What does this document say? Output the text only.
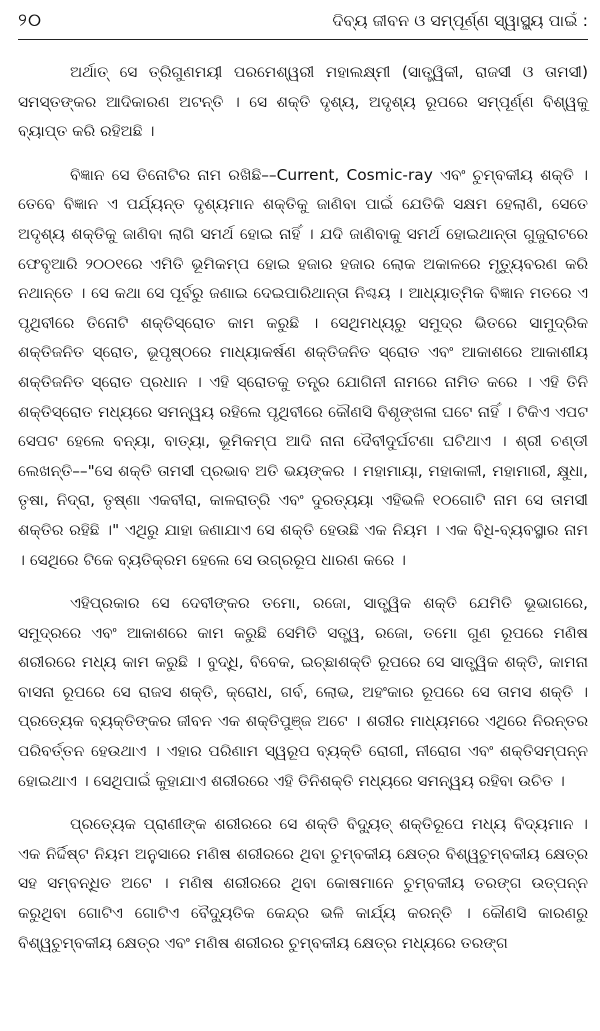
୨୦	ଦିବ୍ୟ ଜୀବନ ଓ ସମ୍ପୂର୍ଣ୍ଣ ସ୍ୱାସ୍ଥ୍ୟ ପାଇଁ :

ଅର୍ଥାତ୍ ସେ ତ୍ରିଗୁଣମୟୀ ପରମେଶ୍ୱରୀ ମହାଲକ୍ଷ୍ମୀ (ସାତ୍ତ୍ୱିକୀ, ରାଜସୀ ଓ ତାମସୀ) ସମସ୍ତଙ୍କର ଆଦିକାରଣ ଅଟନ୍ତି । ସେ ଶକ୍ତି ଦୃଶ୍ୟ, ଅଦୃଶ୍ୟ ରୂପରେ ସମ୍ପୂର୍ଣ୍ଣ ବିଶ୍ୱକୁ ବ୍ୟାପ୍ତ କରି ରହିଅଛି ।

ବିଜ୍ଞାନ ସେ ତିନୋଟିର ନାମ ରଖିଛି––Current, Cosmic-ray ଏବଂ ଚୁମ୍ବକୀୟ ଶକ୍ତି । ତେବେ ବିଜ୍ଞାନ ଏ ପର୍ଯ୍ୟନ୍ତ ଦୃଶ୍ୟମାନ ଶକ୍ତିକୁ ଜାଣିବା ପାଇଁ ଯେତିକି ସକ୍ଷମ ହେଲାଣି, ସେତେ ଅଦୃଶ୍ୟ ଶକ୍ତିକୁ ଜାଣିବା ଲାଗି ସମର୍ଥ ହୋଇ ନାହିଁ । ଯଦି ଜାଣିବାକୁ ସମର୍ଥ ହୋଇଥାନ୍ତା ଗୁଜୁରାଟରେ ଫେବୃଆରି ୨୦୦୧ରେ ଏମିତି ଭୂମିକମ୍ପ ହୋଇ ହଜାର ହଜାର ଲୋକ ଅକାଳରେ ମୃତ୍ୟୁବରଣ କରି ନଥାନ୍ତେ । ସେ କଥା ସେ ପୂର୍ବରୁ ଜଣାଇ ଦେଇପାରିଥାନ୍ତା ନିଶ୍ଚୟ । ଆଧ୍ୟାତ୍ମିକ ବିଜ୍ଞାନ ମତରେ ଏ ପୃଥିବୀରେ ତିନୋଟି ଶକ୍ତିସ୍ରୋତ କାମ କରୁଛି । ସେଥିମଧ୍ୟରୁ ସମୁଦ୍ର ଭିତରେ ସାମୁଦ୍ରିକ ଶକ୍ତିଜନିତ ସ୍ରୋତ, ଭୂପୃଷ୍ଠରେ ମାଧ୍ୟାକର୍ଷଣ ଶକ୍ତିଜନିତ ସ୍ରୋତ ଏବଂ ଆକାଶରେ ଆକାଶୀୟ ଶକ୍ତିଜନିତ ସ୍ରୋତ ପ୍ରଧାନ । ଏହି ସ୍ରୋତକୁ ତନ୍ତ୍ର ଯୋଗିନୀ ନାମରେ ନାମିତ କରେ । ଏହି ତିନି ଶକ୍ତିସ୍ରୋତ ମଧ୍ୟରେ ସମନ୍ୱୟ ରହିଲେ ପୃଥିବୀରେ କୌଣସି ବିଶୃଙ୍ଖଳା ଘଟେ ନାହିଁ । ଟିକିଏ ଏପଟ ସେପଟ ହେଲେ ବନ୍ୟା, ବାତ୍ୟା, ଭୂମିକମ୍ପ ଆଦି ନାନା ଦୈବୀଦୁର୍ଘଟଣା ଘଟିଥାଏ । ଶ୍ରୀ ଚଣ୍ଡୀ ଲେଖନ୍ତି––"ସେ ଶକ୍ତି ତାମସୀ ପ୍ରଭାବ ଅତି ଭୟଙ୍କର । ମହାମାୟା, ମହାକାଳୀ, ମହାମାରୀ, କ୍ଷୁଧା, ତୃଷା, ନିଦ୍ରା, ତୃଷ୍ଣା ଏକବୀରା, କାଳରାତ୍ରି ଏବଂ ଦୁରତ୍ୟୟା ଏହିଭଳି ୧୦ଗୋଟି ନାମ ସେ ତାମସୀ ଶକ୍ତିର ରହିଛି ।" ଏଥିରୁ ଯାହା ଜଣାଯାଏ ସେ ଶକ୍ତି ହେଉଛି ଏକ ନିୟମ । ଏକ ବିଧି-ବ୍ୟବସ୍ଥାର ନାମ । ସେଥିରେ ଟିକେ ବ୍ୟତିକ୍ରମ ହେଲେ ସେ ଉଗ୍ରରୂପ ଧାରଣ କରେ ।

ଏହିପ୍ରକାର ସେ ଦେବୀଙ୍କର ତମୋ, ରଜୋ, ସାତ୍ତ୍ୱିକ ଶକ୍ତି ଯେମିତି ଭୂଭାଗରେ, ସମୁଦ୍ରରେ ଏବଂ ଆକାଶରେ କାମ କରୁଛି ସେମିତି ସତ୍ତ୍ୱ, ରଜୋ, ତମୋ ଗୁଣ ରୂପରେ ମଣିଷ ଶରୀରରେ ମଧ୍ୟ କାମ କରୁଛି । ବୁଦ୍ଧି, ବିବେକ, ଇଚ୍ଛାଶକ୍ତି ରୂପରେ ସେ ସାତ୍ତ୍ୱିକ ଶକ୍ତି, କାମନା ବାସନା ରୂପରେ ସେ ରାଜସ ଶକ୍ତି, କ୍ରୋଧ, ଗର୍ବ, ଲୋଭ, ଅହଂକାର ରୂପରେ ସେ ତାମସ ଶକ୍ତି । ପ୍ରତ୍ୟେକ ବ୍ୟକ୍ତିଙ୍କର ଜୀବନ ଏକ ଶକ୍ତିପୁଞ୍ଜ ଅଟେ । ଶରୀର ମାଧ୍ୟମରେ ଏଥିରେ ନିରନ୍ତର ପରିବର୍ତ୍ତନ ହେଉଥାଏ । ଏହାର ପରିଣାମ ସ୍ୱରୂପ ବ୍ୟକ୍ତି ରୋଗୀ, ନୀରୋଗ ଏବଂ ଶକ୍ତିସମ୍ପନ୍ନ ହୋଇଥାଏ । ସେଥିପାଇଁ କୁହାଯାଏ ଶରୀରରେ ଏହି ତିନିଶକ୍ତି ମଧ୍ୟରେ ସମନ୍ୱୟ ରହିବା ଉଚିତ ।

ପ୍ରତ୍ୟେକ ପ୍ରାଣୀଙ୍କ ଶରୀରରେ ସେ ଶକ୍ତି ବିଦ୍ୟୁତ୍ ଶକ୍ତିରୂପେ ମଧ୍ୟ ବିଦ୍ୟମାନ । ଏକ ନିର୍ଦ୍ଦିଷ୍ଟ ନିୟମ ଅନୁସାରେ ମଣିଷ ଶରୀରରେ ଥିବା ଚୁମ୍ବକୀୟ କ୍ଷେତ୍ର ବିଶ୍ୱଚୁମ୍ବକୀୟ କ୍ଷେତ୍ର ସହ ସମ୍ବନ୍ଧିତ ଅଟେ । ମଣିଷ ଶରୀରରେ ଥିବା କୋଷମାନେ ଚୁମ୍ବକୀୟ ତରଙ୍ଗ ଉତ୍ପନ୍ନ କରୁଥିବା ଗୋଟିଏ ଗୋଟିଏ ବୈଦ୍ୟୁତିକ କେନ୍ଦ୍ର ଭଳି କାର୍ଯ୍ୟ କରନ୍ତି । କୌଣସି କାରଣରୁ ବିଶ୍ୱଚୁମ୍ବକୀୟ କ୍ଷେତ୍ର ଏବଂ ମଣିଷ ଶରୀରର ଚୁମ୍ବକୀୟ କ୍ଷେତ୍ର ମଧ୍ୟରେ ତରଙ୍ଗ
